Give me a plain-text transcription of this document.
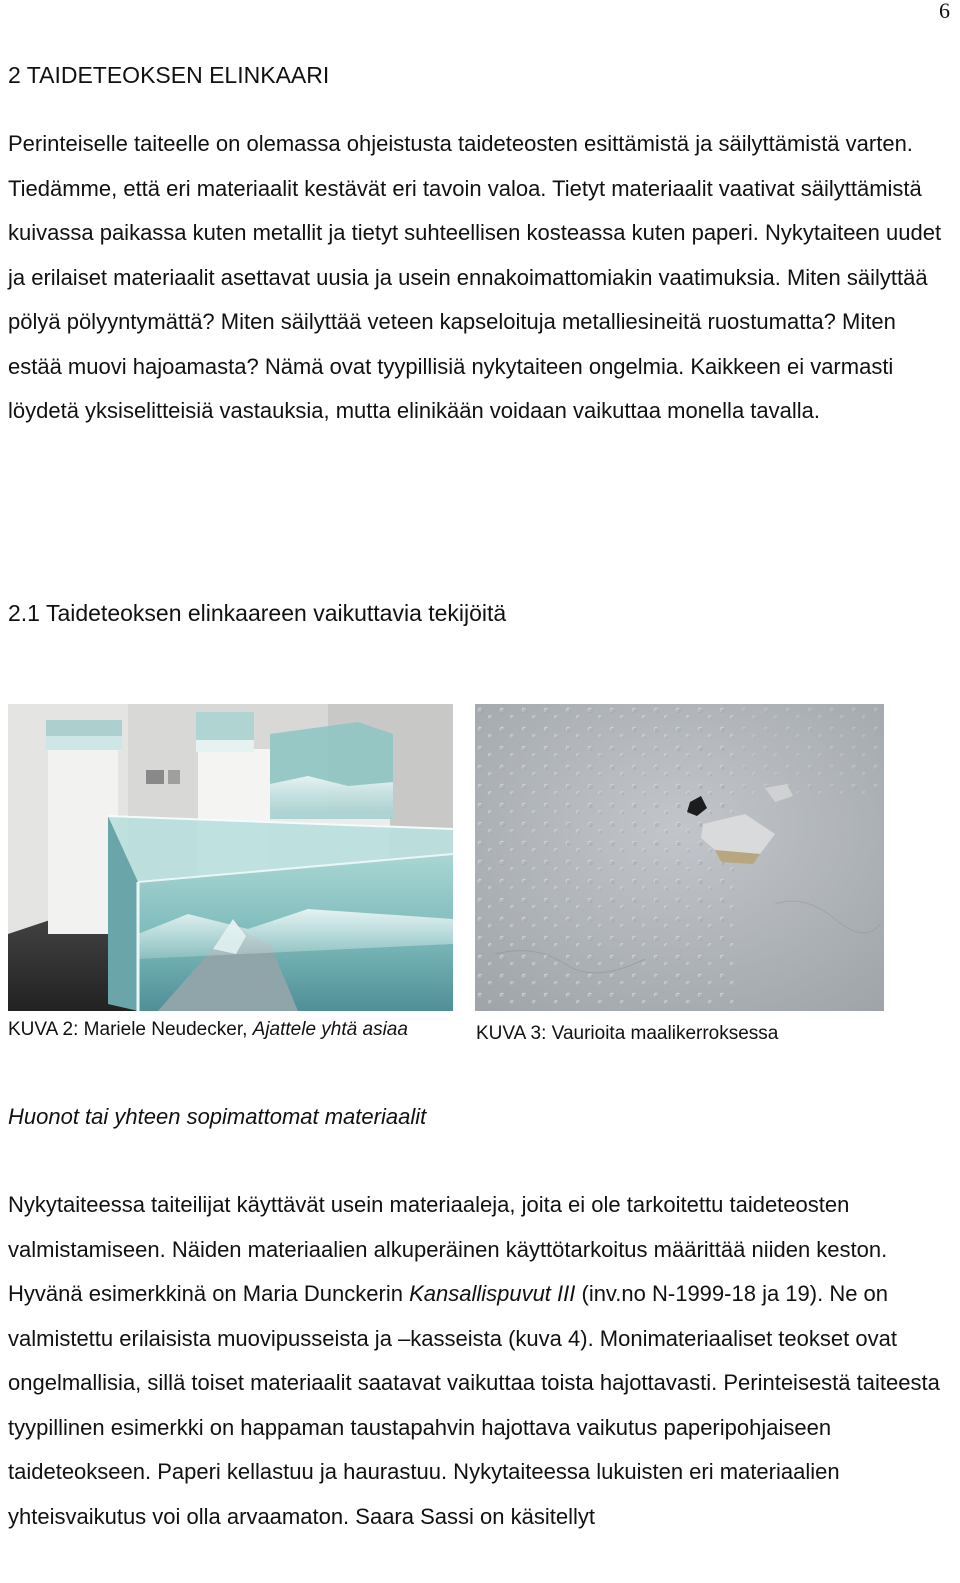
6
2 TAIDETEOKSEN ELINKAARI

Perinteiselle taiteelle on olemassa ohjeistusta taideteosten esittämistä ja säilyttämistä varten. Tiedämme, että eri materiaalit kestävät eri tavoin valoa. Tietyt materiaalit vaativat säilyttämistä kuivassa paikassa kuten metallit ja tietyt suhteellisen kosteassa kuten paperi. Nykytaiteen uudet ja erilaiset materiaalit asettavat uusia ja usein ennakoimattomiakin vaatimuksia. Miten säilyttää pölyä pölyyntymättä? Miten säilyttää veteen kapseloituja metalliesineitä ruostumatta? Miten estää muovi hajoamasta? Nämä ovat tyypillisiä nykytaiteen ongelmia. Kaikkeen ei varmasti löydetä yksiselitteisiä vastauksia, mutta elinikään voidaan vaikuttaa monella tavalla.

2.1 Taideteoksen elinkaareen vaikuttavia tekijöitä

KUVA 2: Mariele Neudecker, Ajattele yhtä asiaa	KUVA 3: Vaurioita maalikerroksessa

Huonot tai yhteen sopimattomat materiaalit

Nykytaiteessa taiteilijat käyttävät usein materiaaleja, joita ei ole tarkoitettu taideteosten valmistamiseen. Näiden materiaalien alkuperäinen käyttötarkoitus määrittää niiden keston. Hyvänä esimerkkinä on Maria Dunckerin Kansallispuvut III (inv.no N-1999-18 ja 19). Ne on valmistettu erilaisista muovipusseista ja –kasseista (kuva 4). Monimateriaaliset teokset ovat ongelmallisia, sillä toiset materiaalit saatavat vaikuttaa toista hajottavasti. Perinteisestä taiteesta tyypillinen esimerkki on happaman taustapahvin hajottava vaikutus paperipohjaiseen taideteokseen. Paperi kellastuu ja haurastuu. Nykytaiteessa lukuisten eri materiaalien yhteisvaikutus voi olla arvaamaton. Saara Sassi on käsitellyt
